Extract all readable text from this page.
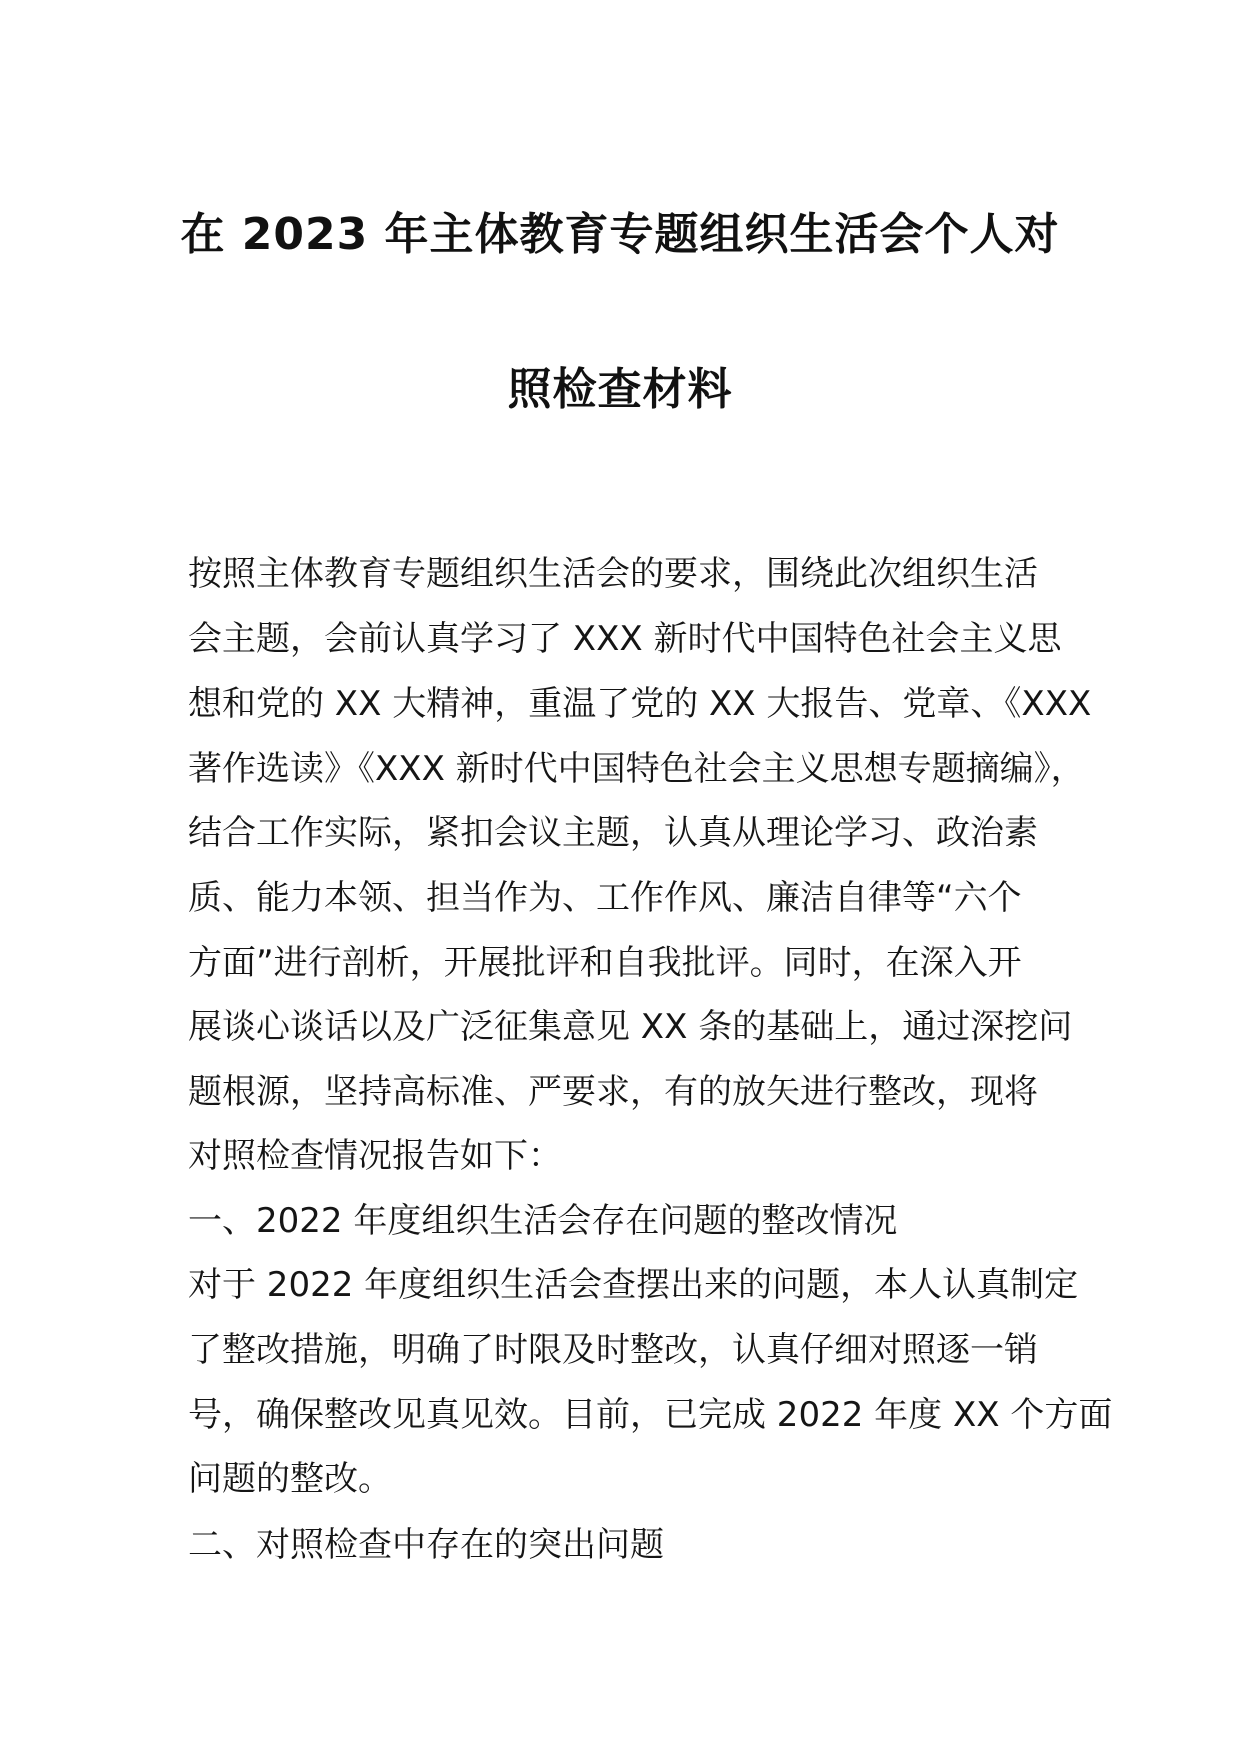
在 2023 年主体教育专题组织生活会个人对
照检查材料
按照主体教育专题组织生活会的要求，围绕此次组织生活
会主题，会前认真学习了 XXX 新时代中国特色社会主义思
想和党的 XX 大精神，重温了党的 XX 大报告、党章、《XXX
著作选读》《XXX 新时代中国特色社会主义思想专题摘编》，
结合工作实际，紧扣会议主题，认真从理论学习、政治素
质、能力本领、担当作为、工作作风、廉洁自律等“六个
方面”进行剖析，开展批评和自我批评。同时，在深入开
展谈心谈话以及广泛征集意见 XX 条的基础上，通过深挖问
题根源，坚持高标准、严要求，有的放矢进行整改，现将
对照检查情况报告如下：
一、2022 年度组织生活会存在问题的整改情况
对于 2022 年度组织生活会查摆出来的问题，本人认真制定
了整改措施，明确了时限及时整改，认真仔细对照逐一销
号，确保整改见真见效。目前，已完成 2022 年度 XX 个方面
问题的整改。
二、对照检查中存在的突出问题
